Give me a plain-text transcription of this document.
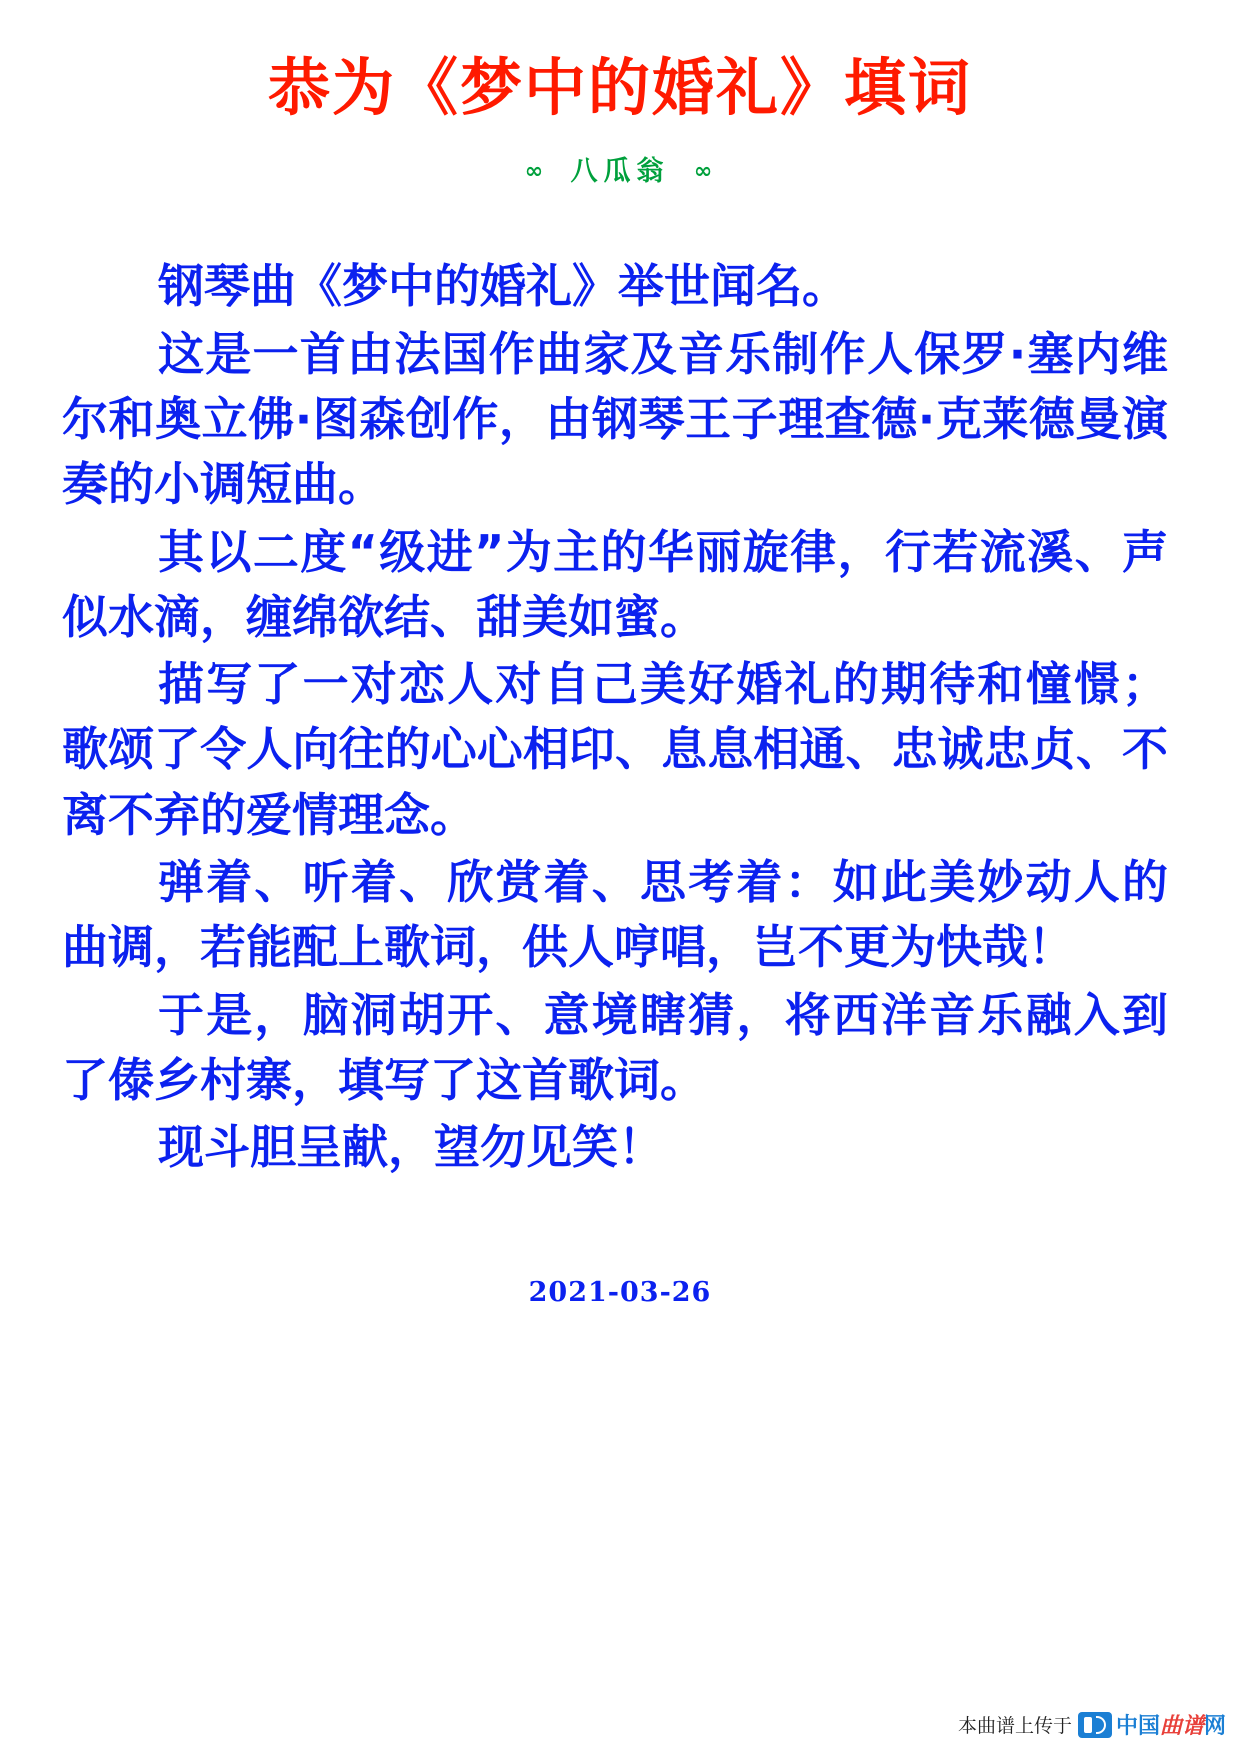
恭为《梦中的婚礼》填词
∞ 八瓜翁 ∞

钢琴曲《梦中的婚礼》举世闻名。

这是一首由法国作曲家及音乐制作人保罗·塞内维尔和奥立佛·图森创作，由钢琴王子理查德·克莱德曼演奏的小调短曲。

其以二度“级进”为主的华丽旋律，行若流溪、声似水滴，缠绵欲结、甜美如蜜。

描写了一对恋人对自己美好婚礼的期待和憧憬；歌颂了令人向往的心心相印、息息相通、忠诚忠贞、不离不弃的爱情理念。

弹着、听着、欣赏着、思考着：如此美妙动人的曲调，若能配上歌词，供人哼唱，岂不更为快哉！

于是，脑洞胡开、意境瞎猜，将西洋音乐融入到了傣乡村寨，填写了这首歌词。

现斗胆呈献，望勿见笑！

2021-03-26
本曲谱上传于 中国曲谱网
